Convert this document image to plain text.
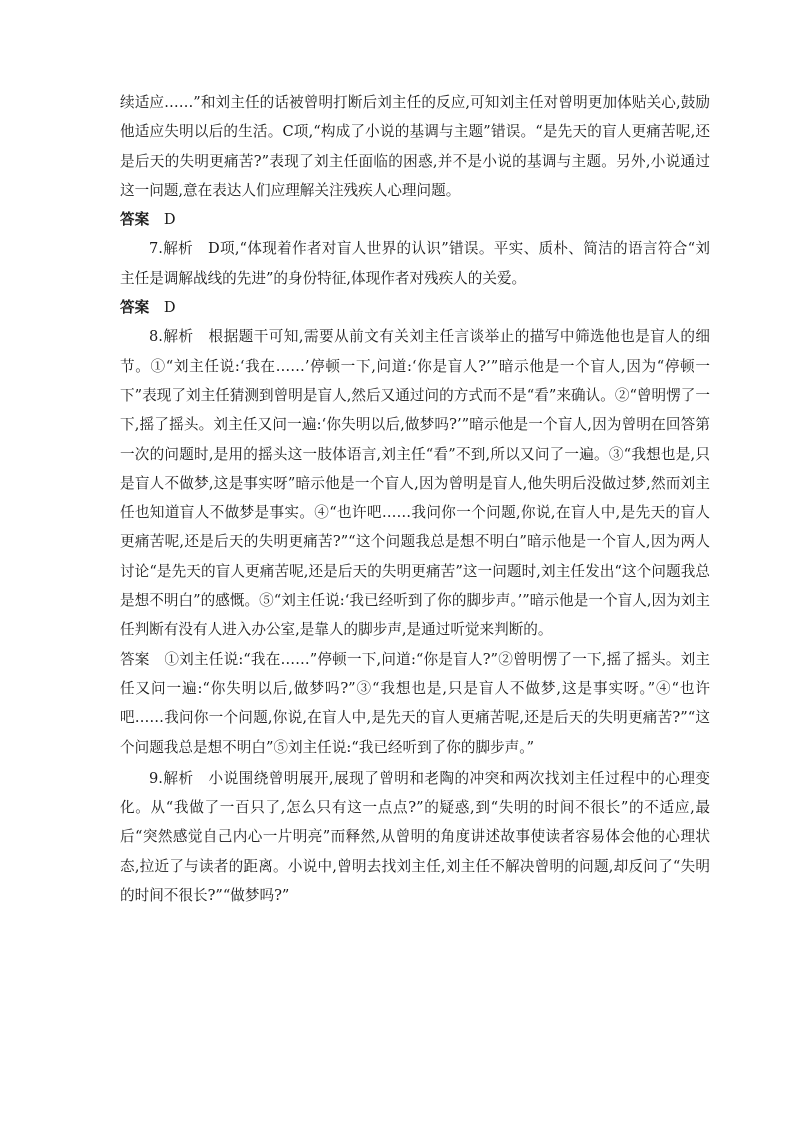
续适应……”和刘主任的话被曾明打断后刘主任的反应,可知刘主任对曾明更加体贴关心,鼓励他适应失明以后的生活。C项,“构成了小说的基调与主题”错误。“是先天的盲人更痛苦呢,还是后天的失明更痛苦?”表现了刘主任面临的困惑,并不是小说的基调与主题。另外,小说通过这一问题,意在表达人们应理解关注残疾人心理问题。

答案　 D

7.解析　D项,“体现着作者对盲人世界的认识”错误。平实、质朴、简洁的语言符合“刘主任是调解战线的先进”的身份特征,体现作者对残疾人的关爱。

答案　 D

8.解析　根据题干可知,需要从前文有关刘主任言谈举止的描写中筛选他也是盲人的细节。①“刘主任说:‘我在……’停顿一下,问道:‘你是盲人?’”暗示他是一个盲人,因为“停顿一下”表现了刘主任猜测到曾明是盲人,然后又通过问的方式而不是“看”来确认。②“曾明愣了一下,摇了摇头。刘主任又问一遍:‘你失明以后,做梦吗?’”暗示他是一个盲人,因为曾明在回答第一次的问题时,是用的摇头这一肢体语言,刘主任“看”不到,所以又问了一遍。③“我想也是,只是盲人不做梦,这是事实呀”暗示他是一个盲人,因为曾明是盲人,他失明后没做过梦,然而刘主任也知道盲人不做梦是事实。④“也许吧……我问你一个问题,你说,在盲人中,是先天的盲人更痛苦呢,还是后天的失明更痛苦?”“这个问题我总是想不明白”暗示他是一个盲人,因为两人讨论“是先天的盲人更痛苦呢,还是后天的失明更痛苦”这一问题时,刘主任发出“这个问题我总是想不明白”的感慨。⑤“刘主任说:‘我已经听到了你的脚步声。’”暗示他是一个盲人,因为刘主任判断有没有人进入办公室,是靠人的脚步声,是通过听觉来判断的。

答案　①刘主任说:“我在……”停顿一下,问道:“你是盲人?”②曾明愣了一下,摇了摇头。刘主任又问一遍:“你失明以后,做梦吗?”③“我想也是,只是盲人不做梦,这是事实呀。”④“也许吧……我问你一个问题,你说,在盲人中,是先天的盲人更痛苦呢,还是后天的失明更痛苦?”“这个问题我总是想不明白”⑤刘主任说:“我已经听到了你的脚步声。”

9.解析　小说围绕曾明展开,展现了曾明和老陶的冲突和两次找刘主任过程中的心理变化。从“我做了一百只了,怎么只有这一点点?”的疑惑,到“失明的时间不很长”的不适应,最后“突然感觉自己内心一片明亮”而释然,从曾明的角度讲述故事使读者容易体会他的心理状态,拉近了与读者的距离。小说中,曾明去找刘主任,刘主任不解决曾明的问题,却反问了“失明的时间不很长?”“做梦吗?”
